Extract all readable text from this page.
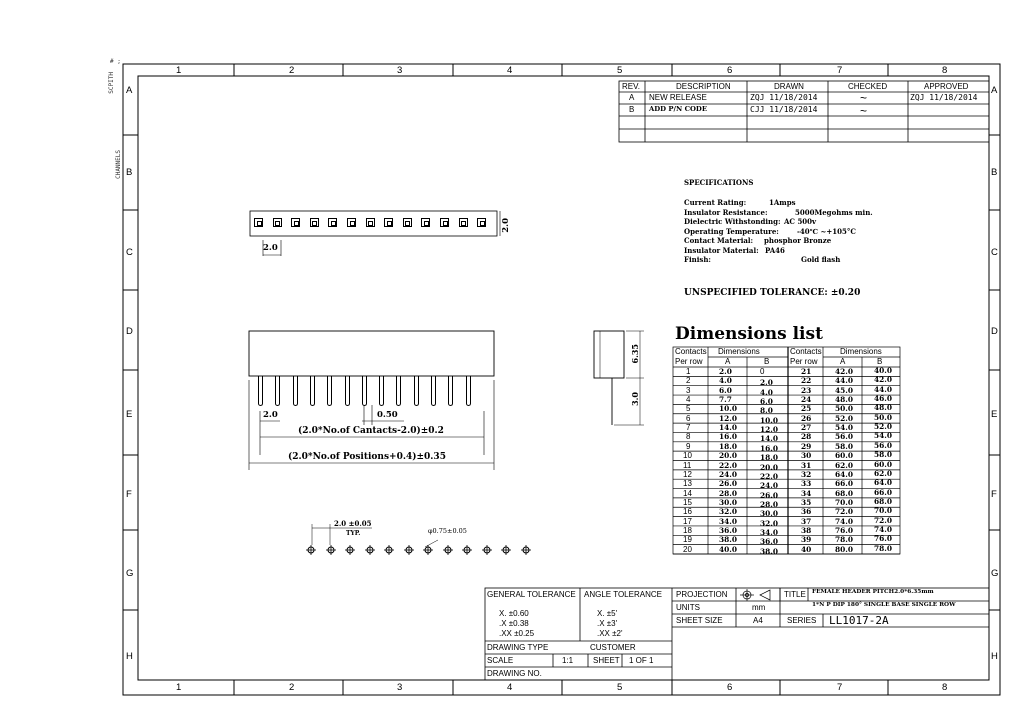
1	2	3	4	5	6	7	8
1	2	3	4	5	6	7	8
A
B
C
D
E
F
G
H
A
B
C
D
E
F
G
H
# ;
SCPITH
CHANNELS
REV.	DESCRIPTION	DRAWN	CHECKED	APPROVED
A NEW RELEASE	ZQJ 11/18/2014	~	ZQJ 11/18/2014
B ADD P/N CODE	CJJ 11/18/2014	~
SPECIFICATIONS
Current Rating:	1Amps
Insulator Resistance:	5000Megohms min.
Dielectric Withstonding: AC 500v
Operating Temperature:	-40℃ ~+105°C
Contact Material: phosphor Bronze
Insulator Material: PA46
Finish:	Gold flash
UNSPECIFIED TOLERANCE: ±0.20
2.0
2.0
2.0	0.50
(2.0*No.of Cantacts-2.0)±0.2
(2.0*No.of Positions+0.4)±0.35
6.35
3.0
2.0 ±0.05
TYP.	φ0.75±0.05
Dimensions list
Contacts
Per row
Dimensions
A	B
Contacts
Per row
Dimensions
A	B
1	2.0	0
2	4.0	2.0
3	6.0	4.0
4	7.7	6.0
5	10.0	8.0
6	12.0	10.0
7	14.0	12.0
8	16.0	14.0
9	18.0	16.0
10	20.0	18.0
11	22.0	20.0
12	24.0	22.0
13	26.0	24.0
14	28.0	26.0
15	30.0	28.0
16	32.0	30.0
17	34.0	32.0
18	36.0	34.0
19	38.0	36.0
20	40.0	38.0
21	42.0	40.0
22	44.0	42.0
23	45.0	44.0
24	48.0	46.0
25	50.0	48.0
26	52.0	50.0
27	54.0	52.0
28	56.0	54.0
29	58.0	56.0
30	60.0	58.0
31	62.0	60.0
32	64.0	62.0
33	66.0	64.0
34	68.0	66.0
35	70.0	68.0
36	72.0	70.0
37	74.0	72.0
38	76.0	74.0
39	78.0	76.0
40	80.0	78.0
GENERAL TOLERANCE
X. ±0.60
.X ±0.38
.XX ±0.25
ANGLE TOLERANCE
X. ±5'
.X ±3'
.XX ±2'
DRAWING TYPE	CUSTOMER
SCALE	1:1 SHEET 1 OF 1
DRAWING NO.
PROJECTION	TITLE FEMALE HEADER PITCH2.0*6.35mm
1*N P DIP 180° SINGLE BASE SINGLE ROW
UNITS	mm
SHEET SIZE	A4	SERIES LL1017-2A
